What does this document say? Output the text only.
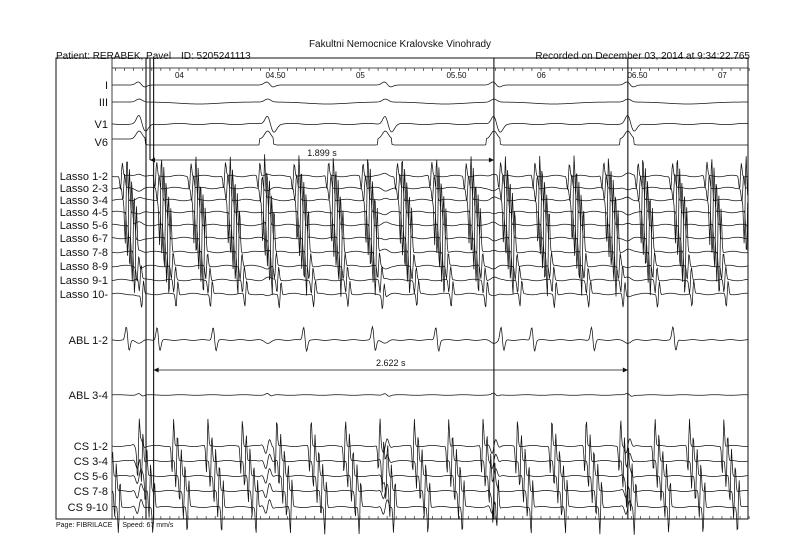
Fakultni Nemocnice Kralovske Vinohrady
Patient: RERABEK, Pavel ID: 5205241113	Recorded on December 03, 2014 at 9:34:22.765
04	04.50	05	05.50	06	06.50	07
I
III
V1
V6
Lasso 1-2
Lasso 2-3
Lasso 3-4
Lasso 4-5
Lasso 5-6
Lasso 6-7
Lasso 7-8
Lasso 8-9
Lasso 9-1
Lasso 10-
ABL 1-2
ABL 3-4
CS 1-2
CS 3-4
CS 5-6
CS 7-8
CS 9-10
1.899 s
2.622 s
Page: FIBRILACE Speed: 67 mm/s
